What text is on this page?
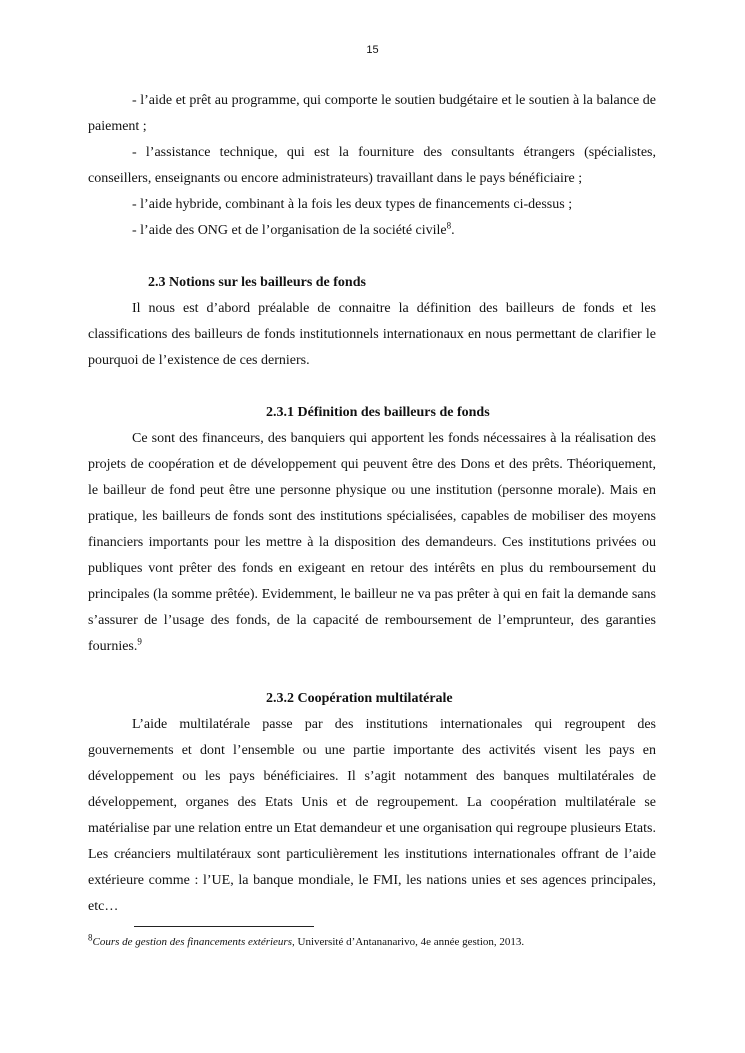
15

- l’aide et prêt au programme, qui comporte le soutien budgétaire et le soutien à la balance de paiement ;

- l’assistance technique, qui est la fourniture des consultants étrangers (spécialistes, conseillers, enseignants ou encore administrateurs) travaillant dans le pays bénéficiaire ;

- l’aide hybride, combinant à la fois les deux types de financements ci-dessus ;

- l’aide des ONG et de l’organisation de la société civile$^8$.

2.3 Notions sur les bailleurs de fonds

Il nous est d’abord préalable de connaitre la définition des bailleurs de fonds et les classifications des bailleurs de fonds institutionnels internationaux en nous permettant de clarifier le pourquoi de l’existence de ces derniers.

2.3.1 Définition des bailleurs de fonds

Ce sont des financeurs, des banquiers qui apportent les fonds nécessaires à la réalisation des projets de coopération et de développement qui peuvent être des Dons et des prêts. Théoriquement, le bailleur de fond peut être une personne physique ou une institution (personne morale). Mais en pratique, les bailleurs de fonds sont des institutions spécialisées, capables de mobiliser des moyens financiers importants pour les mettre à la disposition des demandeurs. Ces institutions privées ou publiques vont prêter des fonds en exigeant en retour des intérêts en plus du remboursement du principales (la somme prêtée). Evidemment, le bailleur ne va pas prêter à qui en fait la demande sans s’assurer de l’usage des fonds, de la capacité de remboursement de l’emprunteur, des garanties fournies.$^9$

2.3.2 Coopération multilatérale

L’aide multilatérale passe par des institutions internationales qui regroupent des gouvernements et dont l’ensemble ou une partie importante des activités visent les pays en développement ou les pays bénéficiaires. Il s’agit notamment des banques multilatérales de développement, organes des Etats Unis et de regroupement. La coopération multilatérale se matérialise par une relation entre un Etat demandeur et une organisation qui regroupe plusieurs Etats. Les créanciers multilatéraux sont particulièrement les institutions internationales offrant de l’aide extérieure comme : l’UE, la banque mondiale, le FMI, les nations unies et ses agences principales, etc…

$^8$Cours de gestion des financements extérieurs, Université d’Antananarivo, 4e année gestion, 2013.
